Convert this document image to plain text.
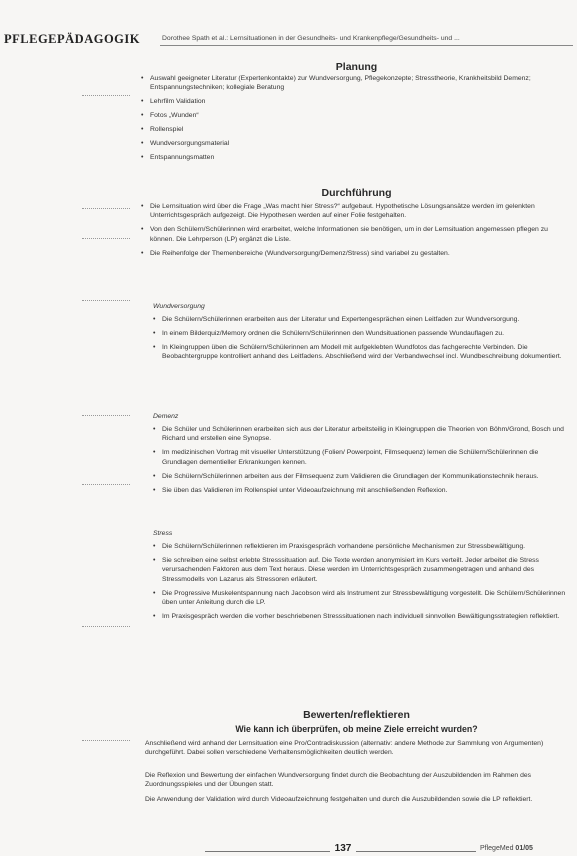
PFLEGEPÄDAGOGIK	Dorothee Spath et al.: Lernsituationen in der Gesundheits- und Krankenpflege/Gesundheits- und ...
Planung
• Auswahl geeigneter Literatur (Expertenkontakte) zur Wundversorgung, Pflegekonzepte; Stresstheorie, Krankheitsbild Demenz; Entspannungstechniken; kollegiale Beratung
• Lehrfilm Validation
• Fotos „Wunden“
• Rollenspiel
• Wundversorgungsmaterial
• Entspannungsmatten
Durchführung
• Die Lernsituation wird über die Frage „Was macht hier Stress?“ aufgebaut. Hypothetische Lösungsansätze werden im gelenkten Unterrichtsgespräch aufgezeigt. Die Hypothesen werden auf einer Folie festgehalten.
• Von den Schülern/Schülerinnen wird erarbeitet, welche Informationen sie benötigen, um in der Lernsituation angemessen pflegen zu können. Die Lehrperson (LP) ergänzt die Liste.
• Die Reihenfolge der Themenbereiche (Wundversorgung/Demenz/Stress) sind variabel zu gestalten.
Wundversorgung
• Die Schülern/Schülerinnen erarbeiten aus der Literatur und Expertengesprächen einen Leitfaden zur Wundversorgung.
• In einem Bilderquiz/Memory ordnen die Schülern/Schülerinnen den Wundsituationen passende Wundauflagen zu.
• In Kleingruppen üben die Schülern/Schülerinnen am Modell mit aufgeklebten Wundfotos das fachgerechte Verbinden. Die Beobachtergruppe kontrolliert anhand des Leitfadens. Abschließend wird der Verbandwechsel incl. Wundbeschreibung dokumentiert.
Demenz
• Die Schüler und Schülerinnen erarbeiten sich aus der Literatur arbeitsteilig in Kleingruppen die Theorien von Böhm/Grond, Bosch und Richard und erstellen eine Synopse.
• Im medizinischen Vortrag mit visueller Unterstützung (Folien/ Powerpoint, Filmsequenz) lernen die Schülern/Schülerinnen die Grundlagen dementieller Erkrankungen kennen.
• Die Schülern/Schülerinnen arbeiten aus der Filmsequenz zum Validieren die Grundlagen der Kommunikationstechnik heraus.
• Sie üben das Validieren im Rollenspiel unter Videoaufzeichnung mit anschließenden Reflexion.
Stress
• Die Schülern/Schülerinnen reflektieren im Praxisgespräch vorhandene persönliche Mechanismen zur Stressbewältigung.
• Sie schreiben eine selbst erlebte Stresssituation auf. Die Texte werden anonymisiert im Kurs verteilt. Jeder arbeitet die Stress verursachenden Faktoren aus dem Text heraus. Diese werden im Unterrichtsgespräch zusammengetragen und anhand des Stressmodells von Lazarus als Stressoren erläutert.
• Die Progressive Muskelentspannung nach Jacobson wird als Instrument zur Stressbewältigung vorgestellt. Die Schülern/Schülerinnen üben unter Anleitung durch die LP.
• Im Praxisgespräch werden die vorher beschriebenen Stresssituationen nach individuell sinnvollen Bewältigungsstrategien reflektiert.
Bewerten/reflektieren
Wie kann ich überprüfen, ob meine Ziele erreicht wurden?

Anschließend wird anhand der Lernsituation eine Pro/Contradiskussion (alternativ: andere Methode zur Sammlung von Argumenten) durchgeführt. Dabei sollen verschiedene Verhaltensmöglichkeiten deutlich werden.

Die Reflexion und Bewertung der einfachen Wundversorgung findet durch die Beobachtung der Auszubildenden im Rahmen des Zuordnungsspieles und der Übungen statt.

Die Anwendung der Validation wird durch Videoaufzeichnung festgehalten und durch die Auszubildenden sowie die LP reflektiert.

137	PflegeMed 01/05
